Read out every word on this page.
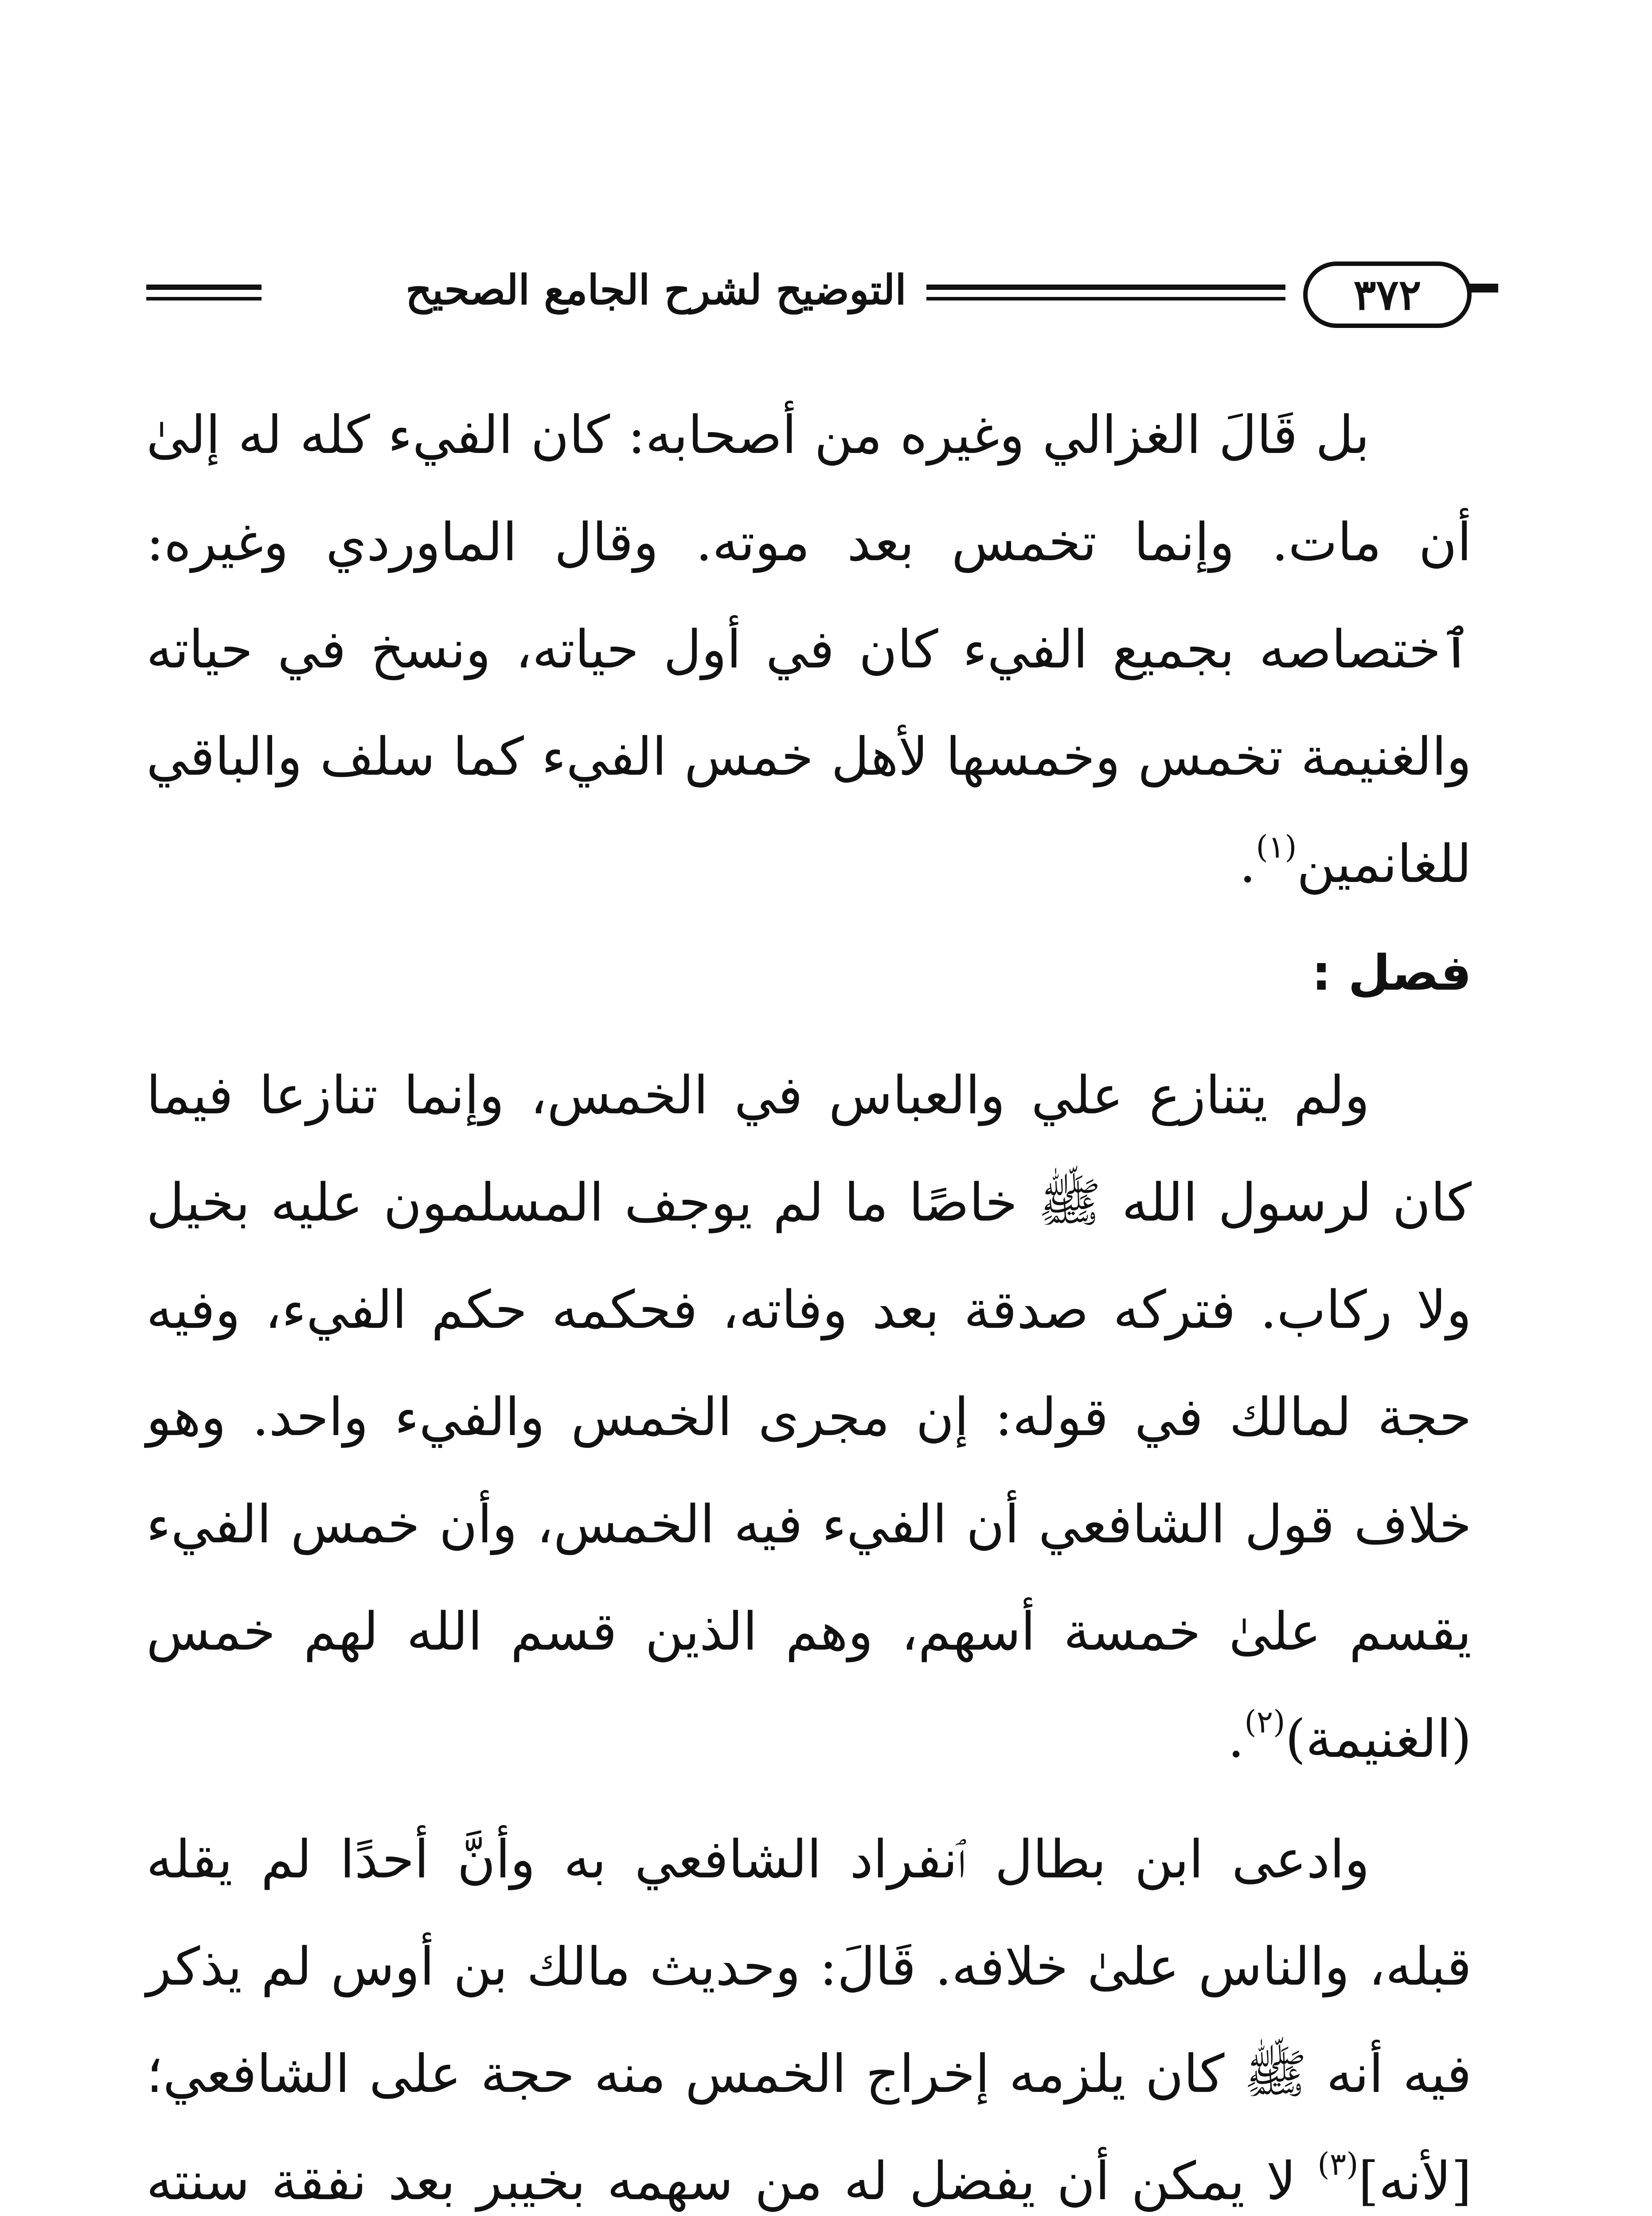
٣٧٢
التوضيح لشرح الجامع الصحيح

بل قَالَ الغزالي وغيره من أصحابه: كان الفيء كله له إلىٰ أن مات. وإنما تخمس بعد موته. وقال الماوردي وغيره: ٱختصاصه بجميع الفيء كان في أول حياته، ونسخ في حياته والغنيمة تخمس وخمسها لأهل خمس الفيء كما سلف والباقي للغانمين$^{(١)}$.

فصل :

ولم يتنازع علي والعباس في الخمس، وإنما تنازعا فيما كان لرسول الله ﷺ خاصًا ما لم يوجف المسلمون عليه بخيل ولا ركاب. فتركه صدقة بعد وفاته، فحكمه حكم الفيء، وفيه حجة لمالك في قوله: إن مجرى الخمس والفيء واحد. وهو خلاف قول الشافعي أن الفيء فيه الخمس، وأن خمس الفيء يقسم علىٰ خمسة أسهم، وهم الذين قسم الله لهم خمس (الغنيمة)$^{(٢)}$.

وادعى ابن بطال ٱنفراد الشافعي به وأنَّ أحدًا لم يقله قبله، والناس علىٰ خلافه. قَالَ: وحديث مالك بن أوس لم يذكر فيه أنه ﷺ كان يلزمه إخراج الخمس منه حجة على الشافعي؛ [لأنه]$^{(٣)}$ لا يمكن أن يفضل له من سهمه بخيبر بعد نفقة سنته
